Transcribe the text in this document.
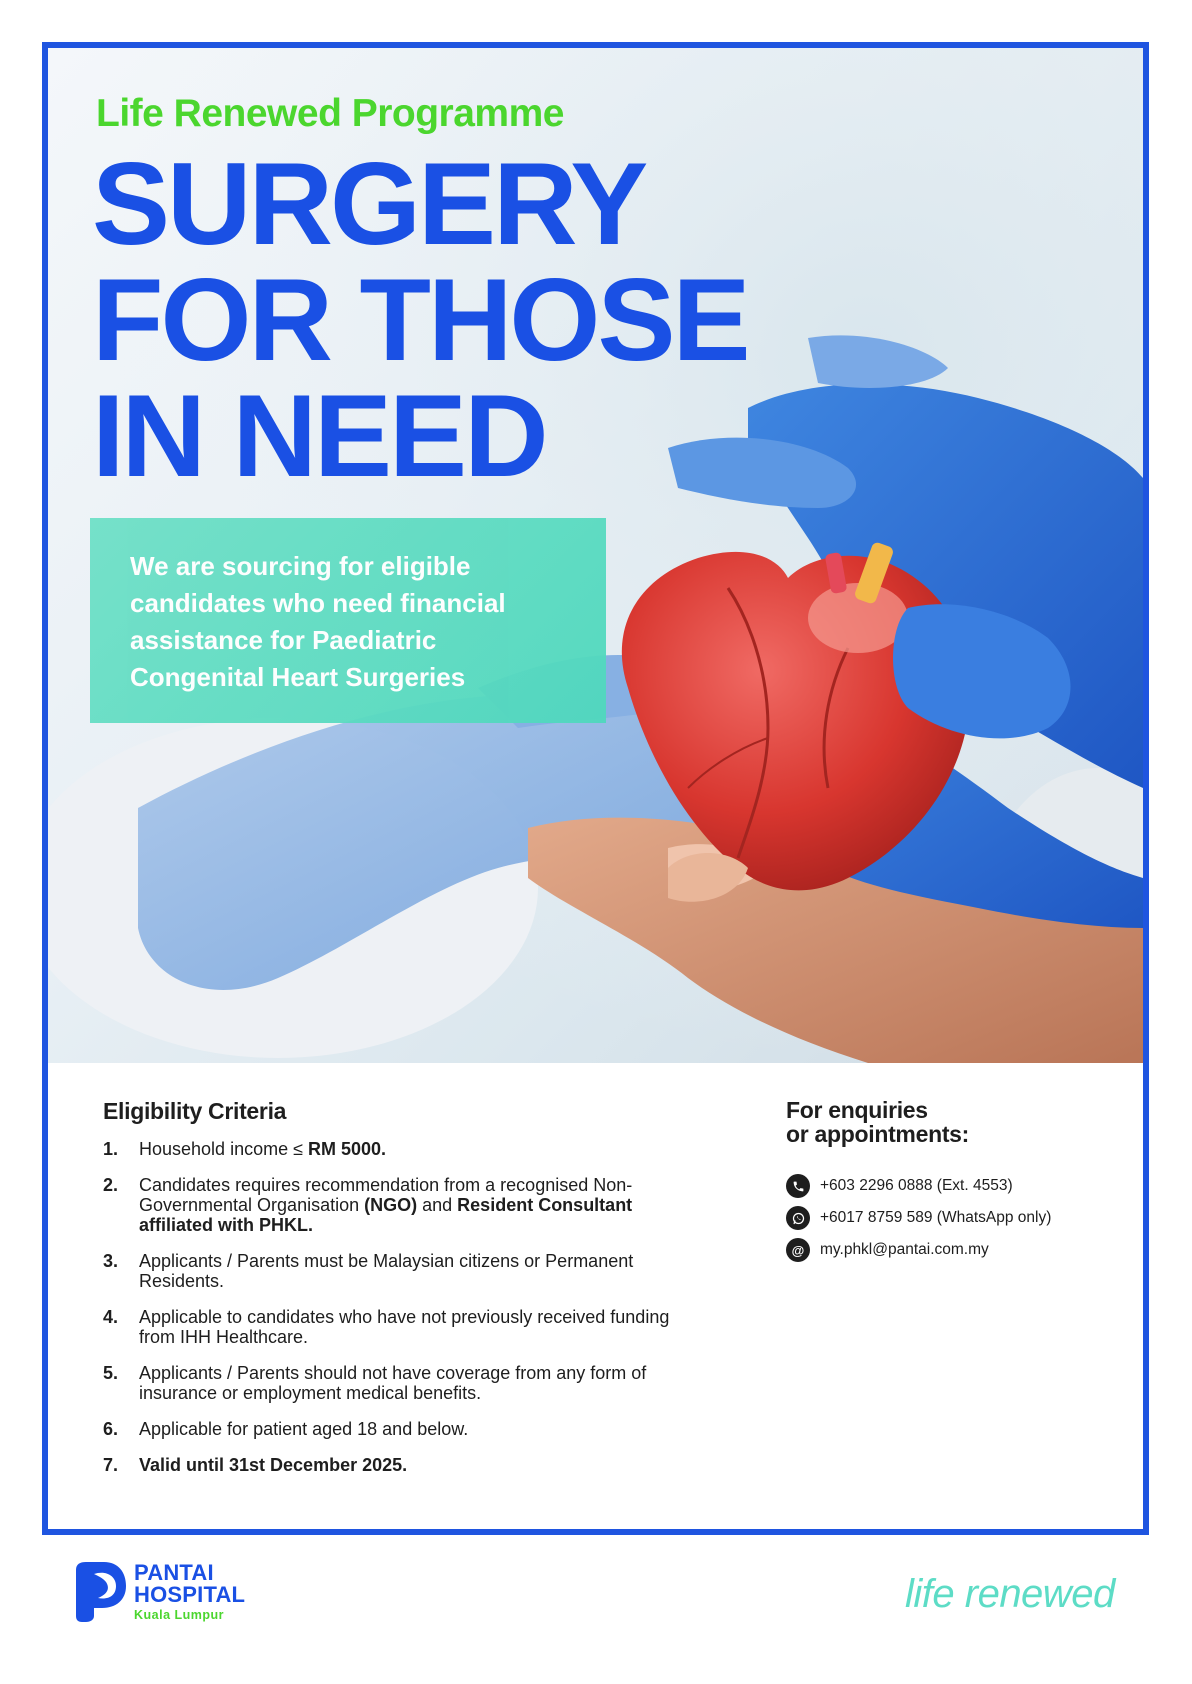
Life Renewed Programme

SURGERY
FOR THOSE
IN NEED

We are sourcing for eligible
candidates who need financial
assistance for Paediatric
Congenital Heart Surgeries

Eligibility Criteria
1.	Household income ≤ RM 5000.
2.	Candidates requires recommendation from a recognised Non-Governmental Organisation (NGO) and Resident Consultant affiliated with PHKL.
3.	Applicants / Parents must be Malaysian citizens or Permanent Residents.
4.	Applicable to candidates who have not previously received funding from IHH Healthcare.
5.	Applicants / Parents should not have coverage from any form of insurance or employment medical benefits.
6.	Applicable for patient aged 18 and below.
7.	Valid until 31st December 2025.
For enquiries
or appointments:
+603 2296 0888 (Ext. 4553)
+6017 8759 589 (WhatsApp only)
@	my.phkl@pantai.com.my

PANTAI
HOSPITAL

Kuala Lumpur	life renewed
